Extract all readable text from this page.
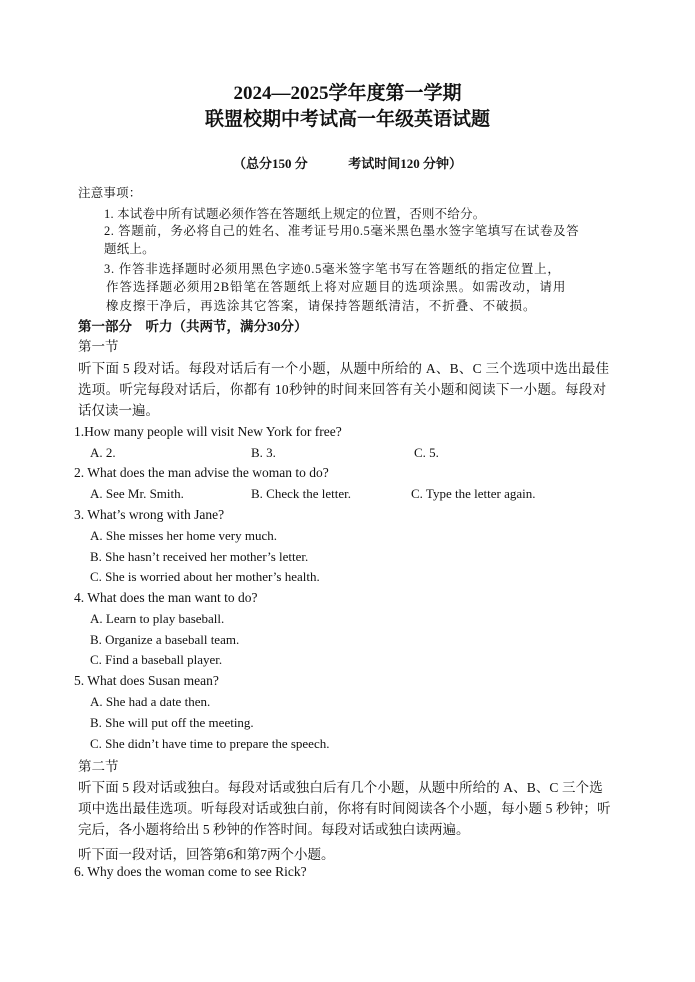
2024—2025学年度第一学期
联盟校期中考试高一年级英语试题
（总分150 分	考试时间120 分钟）
注意事项：
1. 本试卷中所有试题必须作答在答题纸上规定的位置，否则不给分。
2. 答题前，务必将自己的姓名、准考证号用0.5毫米黑色墨水签字笔填写在试卷及答
题纸上。
3. 作答非选择题时必须用黑色字迹0.5毫米签字笔书写在答题纸的指定位置上，
作答选择题必须用2B铅笔在答题纸上将对应题目的选项涂黑。如需改动，请用
橡皮擦干净后，再选涂其它答案，请保持答题纸清洁，不折叠、不破损。
第一部分    听力（共两节，满分30分）
第一节
听下面 5 段对话。每段对话后有一个小题，从题中所给的 A、B、C 三个选项中选出最佳
选项。听完每段对话后，你都有 10秒钟的时间来回答有关小题和阅读下一小题。每段对
话仅读一遍。
1.How many people will visit New York for free?
A. 2.	B. 3.	C. 5.
2. What does the man advise the woman to do?
A. See Mr. Smith.	B. Check the letter.	C. Type the letter again.
3. What’s wrong with Jane?
A. She misses her home very much.
B. She hasn’t received her mother’s letter.
C. She is worried about her mother’s health.
4. What does the man want to do?
A. Learn to play baseball.
B. Organize a baseball team.
C. Find a baseball player.
5. What does Susan mean?
A. She had a date then.
B. She will put off the meeting.
C. She didn’t have time to prepare the speech.
第二节
听下面 5 段对话或独白。每段对话或独白后有几个小题，从题中所给的 A、B、C 三个选
项中选出最佳选项。听每段对话或独白前，你将有时间阅读各个小题，每小题 5 秒钟；听
完后，各小题将给出 5 秒钟的作答时间。每段对话或独白读两遍。
听下面一段对话，回答第6和第7两个小题。
6. Why does the woman come to see Rick?
